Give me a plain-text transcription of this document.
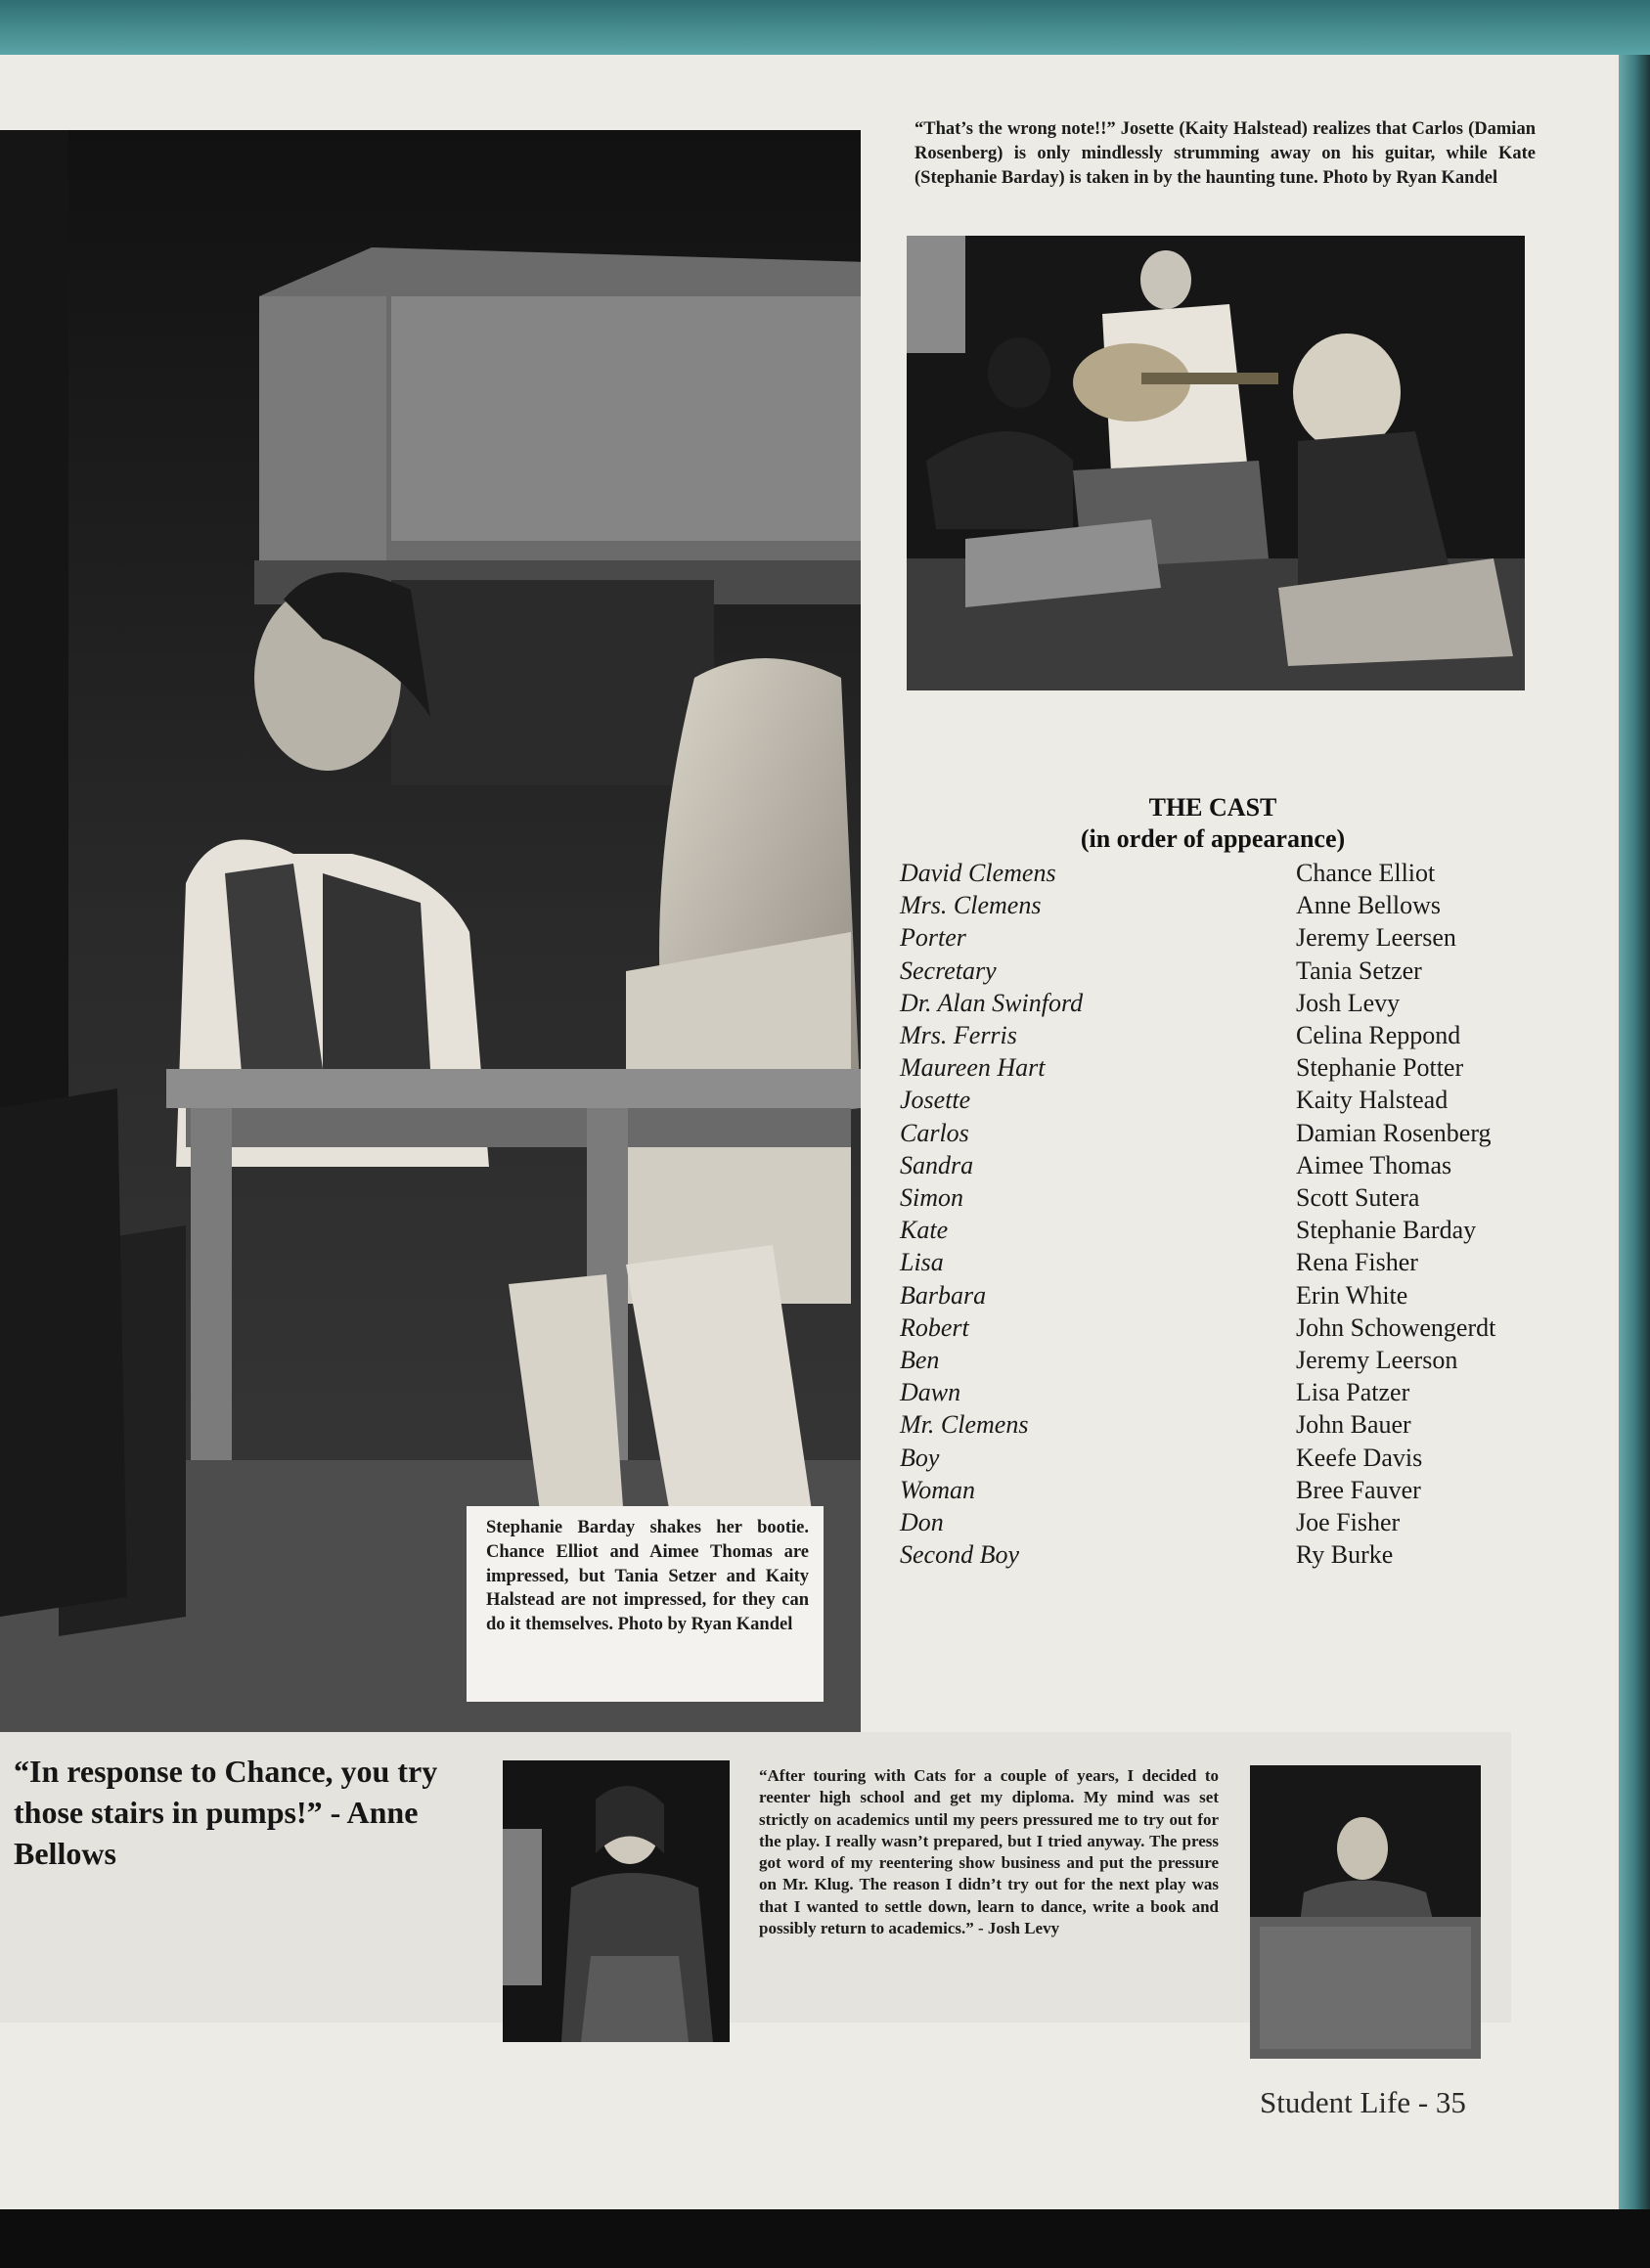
Stephanie Barday shakes her bootie. Chance Elliot and Aimee Thomas are impressed, but Tania Setzer and Kaity Halstead are not impressed, for they can do it themselves. Photo by Ryan Kandel
“That’s the wrong note!!” Josette (Kaity Halstead) realizes that Carlos (Damian Rosenberg) is only mindlessly strumming away on his guitar, while Kate (Stephanie Barday) is taken in by the haunting tune. Photo by Ryan Kandel
THE CAST
(in order of appearance)
David Clemens	Chance Elliot
Mrs. Clemens	Anne Bellows
Porter	Jeremy Leersen
Secretary	Tania Setzer
Dr. Alan Swinford	Josh Levy
Mrs. Ferris	Celina Reppond
Maureen Hart	Stephanie Potter
Josette	Kaity Halstead
Carlos	Damian Rosenberg
Sandra	Aimee Thomas
Simon	Scott Sutera
Kate	Stephanie Barday
Lisa	Rena Fisher
Barbara	Erin White
Robert	John Schowengerdt
Ben	Jeremy Leerson
Dawn	Lisa Patzer
Mr. Clemens	John Bauer
Boy	Keefe Davis
Woman	Bree Fauver
Don	Joe Fisher
Second Boy	Ry Burke
“In response to Chance, you try those stairs in pumps!” - Anne Bellows
“After touring with Cats for a couple of years, I decided to reenter high school and get my diploma. My mind was set strictly on academics until my peers pressured me to try out for the play. I really wasn’t prepared, but I tried anyway. The press got word of my reentering show business and put the pressure on Mr. Klug. The reason I didn’t try out for the next play was that I wanted to settle down, learn to dance, write a book and possibly return to academics.” - Josh Levy
Student Life - 35
